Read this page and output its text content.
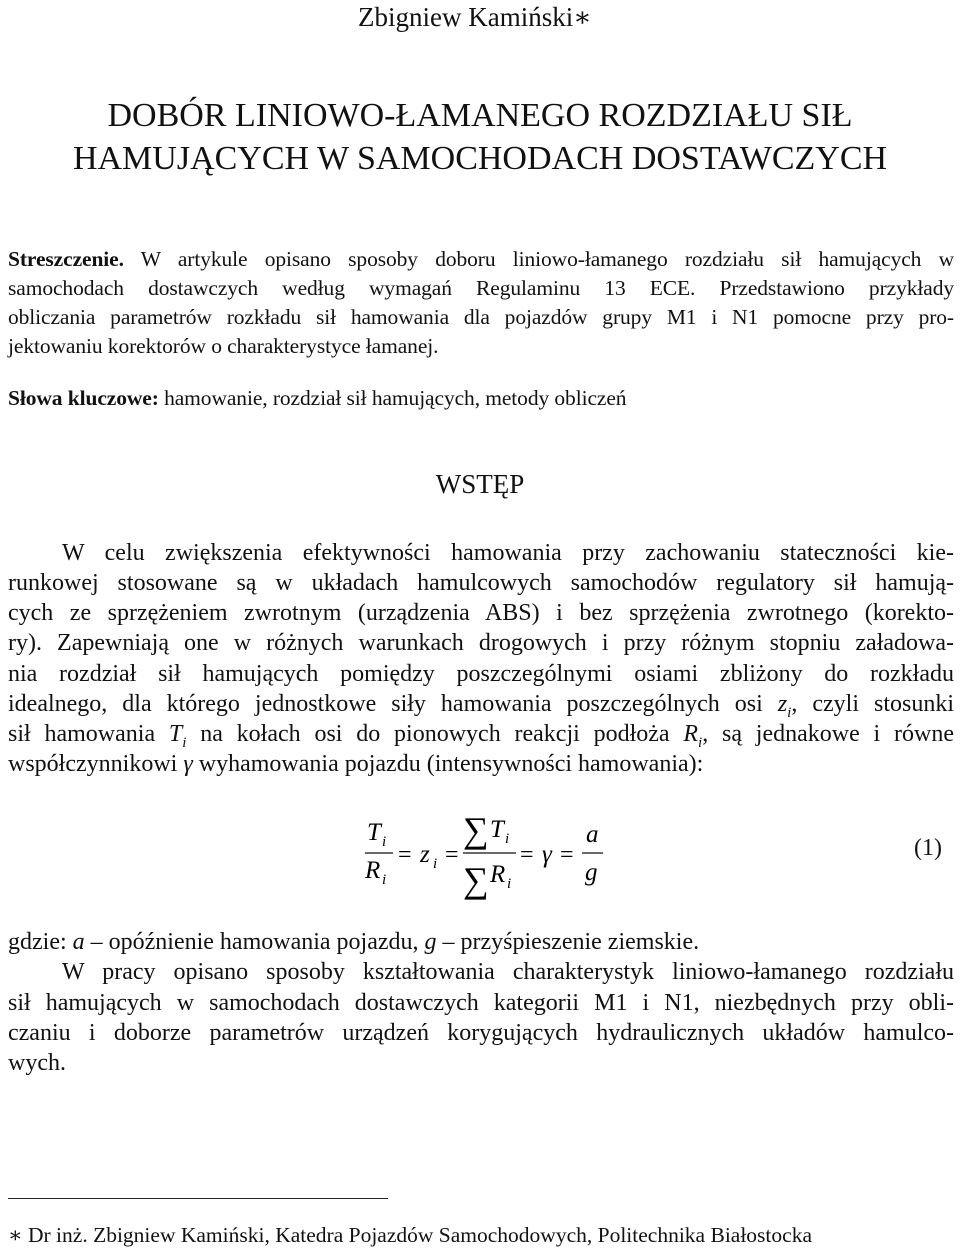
Zbigniew Kamiński∗
DOBÓR LINIOWO-ŁAMANEGO ROZDZIAŁU SIŁ
HAMUJĄCYCH W SAMOCHODACH DOSTAWCZYCH
Streszczenie. W artykule opisano sposoby doboru liniowo-łamanego rozdziału sił hamujących w
samochodach dostawczych według wymagań Regulaminu 13 ECE. Przedstawiono przykłady
obliczania parametrów rozkładu sił hamowania dla pojazdów grupy M1 i N1 pomocne przy pro-
jektowaniu korektorów o charakterystyce łamanej.
Słowa kluczowe: hamowanie, rozdział sił hamujących, metody obliczeń
WSTĘP
W celu zwiększenia efektywności hamowania przy zachowaniu stateczności kie-
runkowej stosowane są w układach hamulcowych samochodów regulatory sił hamują-
cych ze sprzężeniem zwrotnym (urządzenia ABS) i bez sprzężenia zwrotnego (korekto-
ry). Zapewniają one w różnych warunkach drogowych i przy różnym stopniu załadowa-
nia rozdział sił hamujących pomiędzy poszczególnymi osiami zbliżony do rozkładu
idealnego, dla którego jednostkowe siły hamowania poszczególnych osi $z_i$, czyli stosunki
sił hamowania $T_i$ na kołach osi do pionowych reakcji podłoża $R_i$, są jednakowe i równe
współczynnikowi γ wyhamowania pojazdu (intensywności hamowania):
T i
R i
= z i =
∑ T i
∑ R i
= γ =
a
g
(1)
gdzie: a – opóźnienie hamowania pojazdu, g – przyśpieszenie ziemskie.
W pracy opisano sposoby kształtowania charakterystyk liniowo-łamanego rozdziału
sił hamujących w samochodach dostawczych kategorii M1 i N1, niezbędnych przy obli-
czaniu i doborze parametrów urządzeń korygujących hydraulicznych układów hamulco-
wych.
∗ Dr inż. Zbigniew Kamiński, Katedra Pojazdów Samochodowych, Politechnika Białostocka
